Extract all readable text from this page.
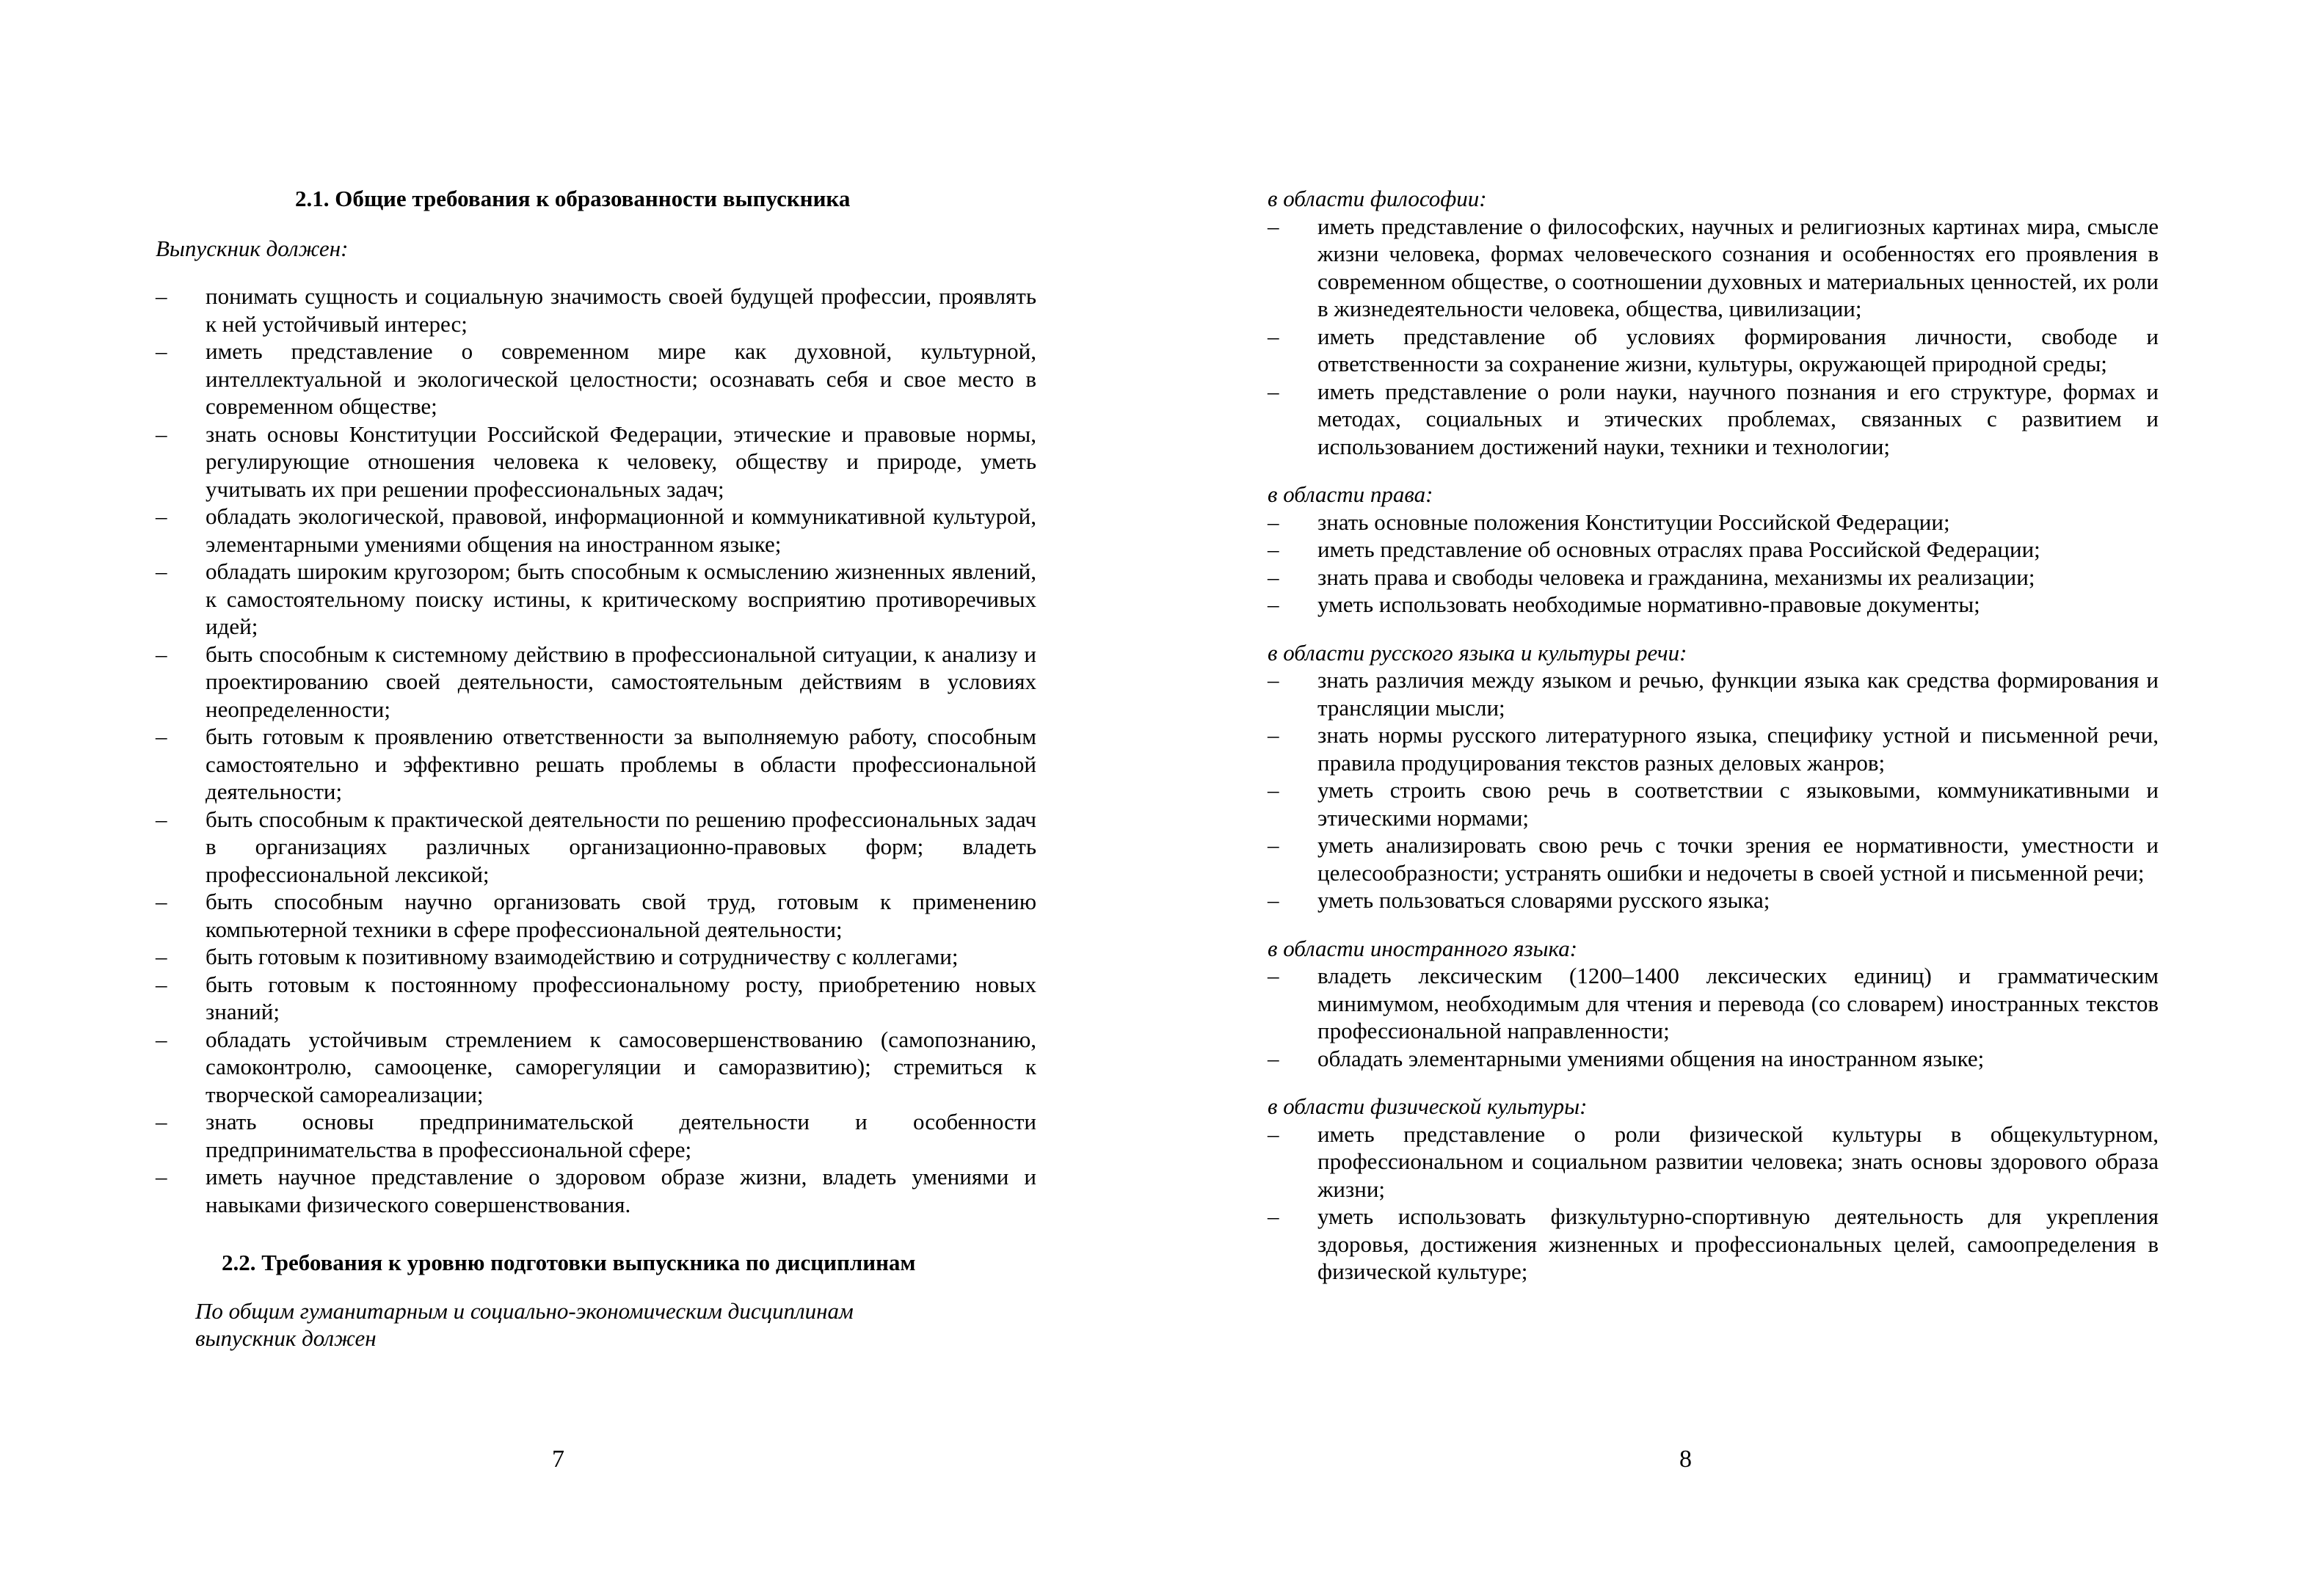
2.1. Общие требования к образованности выпускника

Выпускник должен:

– понимать сущность и социальную значимость своей будущей профессии, проявлять к ней устойчивый интерес;
– иметь представление о современном мире как духовной, культурной, интеллектуальной и экологической целостности; осознавать себя и свое место в современном обществе;
– знать основы Конституции Российской Федерации, этические и правовые нормы, регулирующие отношения человека к человеку, обществу и природе, уметь учитывать их при решении профессиональных задач;
– обладать экологической, правовой, информационной и коммуникативной культурой, элементарными умениями общения на иностранном языке;
– обладать широким кругозором; быть способным к осмыслению жизненных явлений, к самостоятельному поиску истины, к критическому восприятию противоречивых идей;
– быть способным к системному действию в профессиональной ситуации, к анализу и проектированию своей деятельности, самостоятельным действиям в условиях неопределенности;
– быть готовым к проявлению ответственности за выполняемую работу, способным самостоятельно и эффективно решать проблемы в области профессиональной деятельности;
– быть способным к практической деятельности по решению профессиональных задач в организациях различных организационно-правовых форм; владеть профессиональной лексикой;
– быть способным научно организовать свой труд, готовым к применению компьютерной техники в сфере профессиональной деятельности;
– быть готовым к позитивному взаимодействию и сотрудничеству с коллегами;
– быть готовым к постоянному профессиональному росту, приобретению новых знаний;
– обладать устойчивым стремлением к самосовершенствованию (самопознанию, самоконтролю, самооценке, саморегуляции и саморазвитию); стремиться к творческой самореализации;
– знать основы предпринимательской деятельности и особенности предпринимательства в профессиональной сфере;
– иметь научное представление о здоровом образе жизни, владеть умениями и навыками физического совершенствования.

2.2. Требования к уровню подготовки выпускника по дисциплинам

По общим гуманитарным и социально-экономическим дисциплинам
выпускник должен
7

в области философии:

– иметь представление о философских, научных и религиозных картинах мира, смысле жизни человека, формах человеческого сознания и особенностях его проявления в современном обществе, о соотношении духовных и материальных ценностей, их роли в жизнедеятельности человека, общества, цивилизации;
– иметь представление об условиях формирования личности, свободе и ответственности за сохранение жизни, культуры, окружающей природной среды;
– иметь представление о роли науки, научного познания и его структуре, формах и методах, социальных и этических проблемах, связанных с развитием и использованием достижений науки, техники и технологии;

в области права:

– знать основные положения Конституции Российской Федерации;
– иметь представление об основных отраслях права Российской Федерации;
– знать права и свободы человека и гражданина, механизмы их реализации;
– уметь использовать необходимые нормативно-правовые документы;

в области русского языка и культуры речи:

– знать различия между языком и речью, функции языка как средства формирования и трансляции мысли;
– знать нормы русского литературного языка, специфику устной и письменной речи, правила продуцирования текстов разных деловых жанров;
– уметь строить свою речь в соответствии с языковыми, коммуникативными и этическими нормами;
– уметь анализировать свою речь с точки зрения ее нормативности, уместности и целесообразности; устранять ошибки и недочеты в своей устной и письменной речи;
– уметь пользоваться словарями русского языка;

в области иностранного языка:

– владеть лексическим (1200–1400 лексических единиц) и грамматическим минимумом, необходимым для чтения и перевода (со словарем) иностранных текстов профессиональной направленности;
– обладать элементарными умениями общения на иностранном языке;

в области физической культуры:

– иметь представление о роли физической культуры в общекультурном, профессиональном и социальном развитии человека; знать основы здорового образа жизни;
– уметь использовать физкультурно-спортивную деятельность для укрепления здоровья, достижения жизненных и профессиональных целей, самоопределения в физической культуре;
8
